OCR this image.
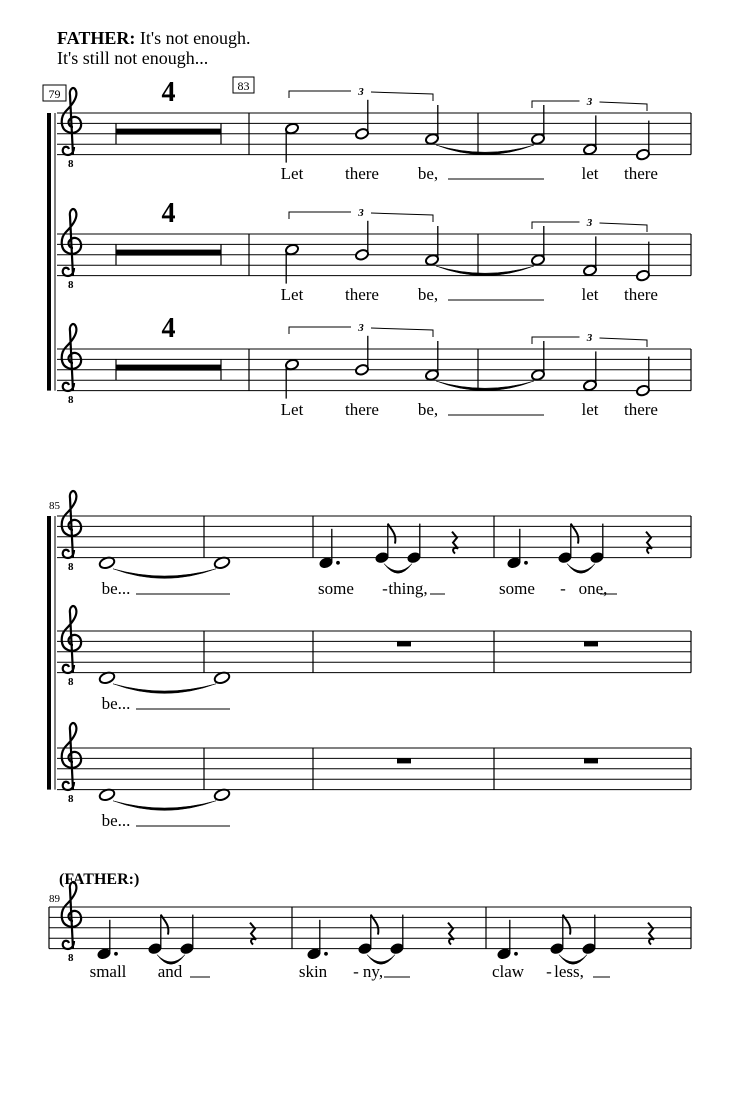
FATHER: It's not enough.
It's still not enough...
79
83
85
89
(FATHER:)
8
4	3
3
Let there be,	let there
8
4	3
3
Let there be,	let there
8
4	3
3
Let there be,	let there
8
be...	some - thing,	some - one,
8
be...
8
be...
8
small and	skin - ny,	claw - less,
